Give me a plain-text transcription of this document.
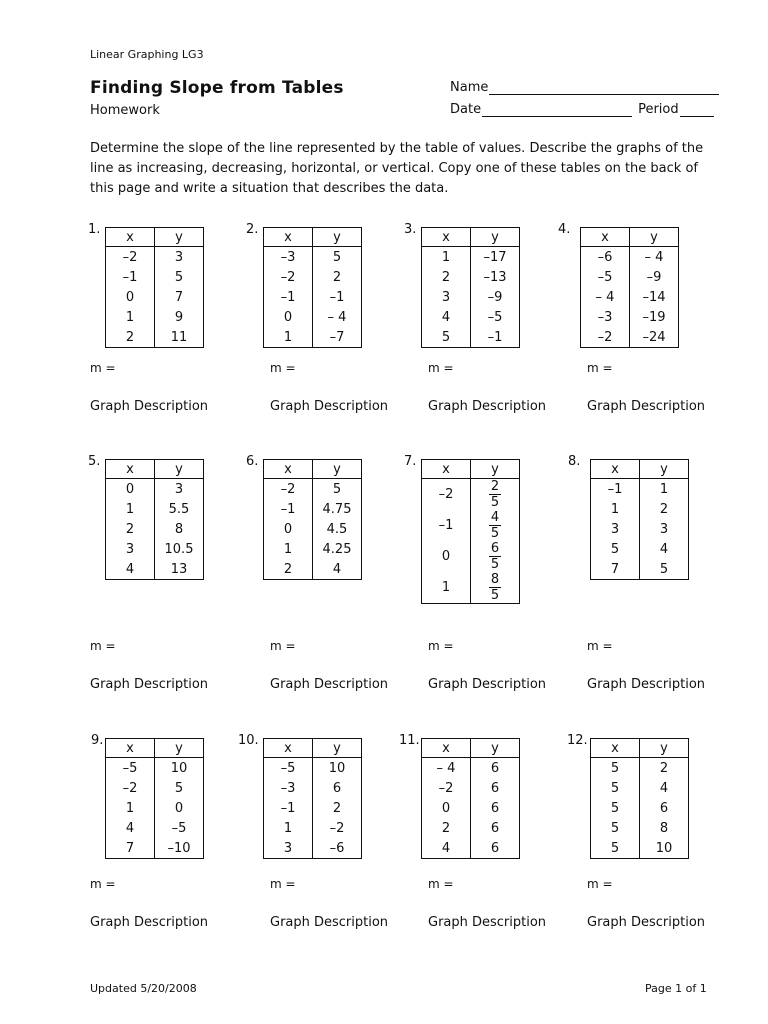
Linear Graphing LG3
Finding Slope from Tables
Homework
Name
Date	Period
Determine the slope of the line represented by the table of values. Describe the graphs of the line as increasing, decreasing, horizontal, or vertical. Copy one of these tables on the back of this page and write a situation that describes the data.
1. x	y
–2	3
–1	5
0	7
1	9
2	11
m =
Graph Description
2. x	y
–3	5
–2	2
–1	–1
0	– 4
1	–7
m =
Graph Description
3. x	y
1	–17
2	–13
3	–9
4	–5
5	–1
m =
Graph Description
4. x	y
–6	– 4
–5	–9
– 4	–14
–3	–19
–2	–24
m =
Graph Description
5. x	y
0	3
1	5.5
2	8
3	10.5
4	13
m =
Graph Description
6. x	y
–2	5
–1	4.75
0	4.5
1	4.25
2	4
m =
Graph Description
7. x	y
–2	$\frac{2}{5}$

–1	$\frac{4}{5}$

0	$\frac{6}{5}$

1	$\frac{8}{5}$
m =
Graph Description
8. x	y
–1	1
1	2
3	3
5	4
7	5
m =
Graph Description
9. x	y
–5	10
–2	5
1	0
4	–5
7	–10
m =
Graph Description
10. x	y
–5	10
–3	6
–1	2
1	–2
3	–6
m =
Graph Description
11. x	y
– 4	6
–2	6
0	6
2	6
4	6
m =
Graph Description
12. x	y
5	2
5	4
5	6
5	8
5	10
m =
Graph Description
Updated 5/20/2008	Page 1 of 1
